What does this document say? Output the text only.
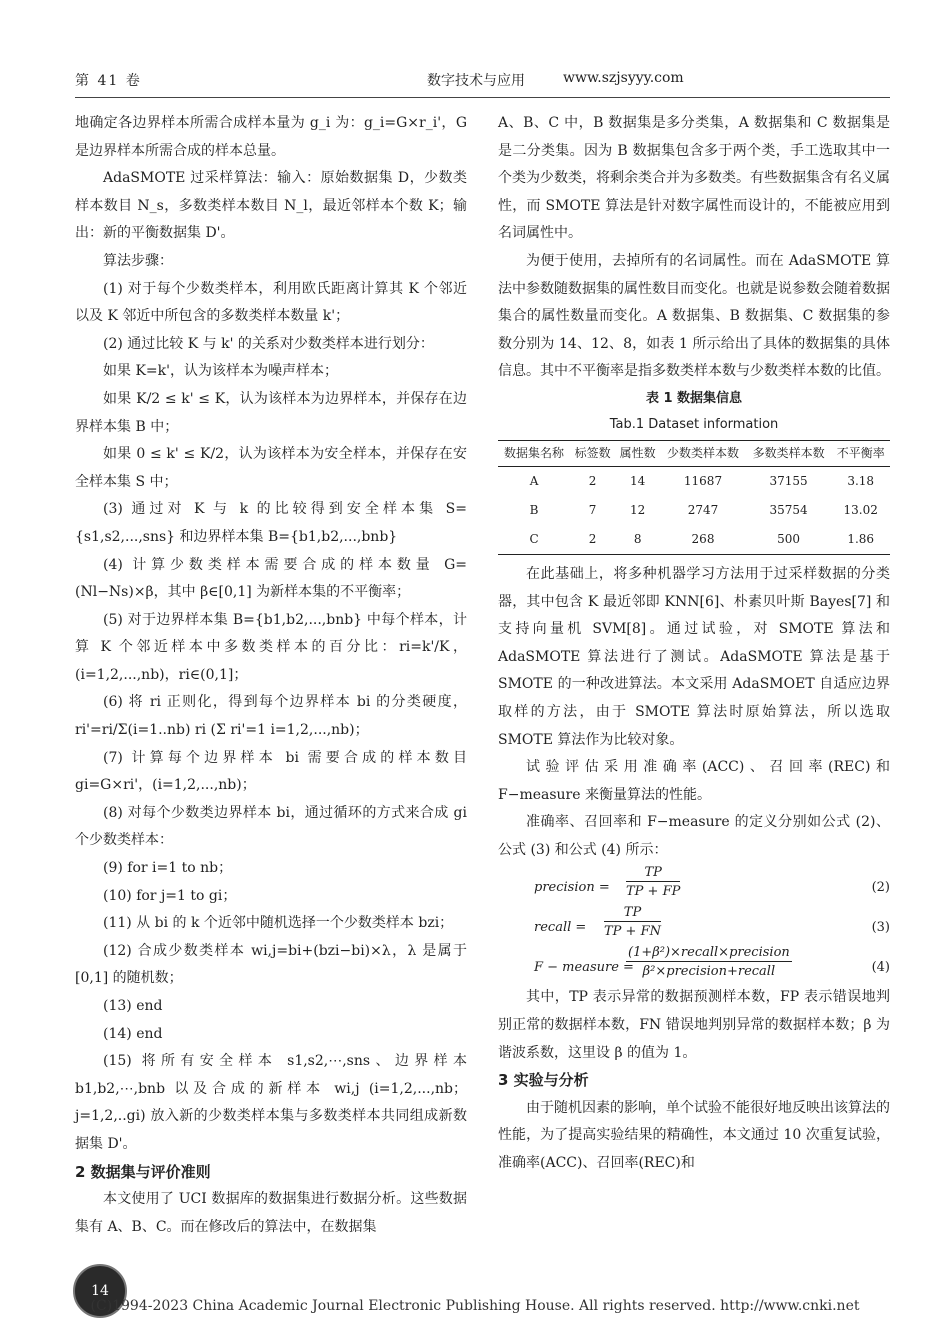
第 41 卷	数字技术与应用	www.szjsyyy.com

地确定各边界样本所需合成样本量为 g_i 为：g_i=G×r_i'，G 是边界样本所需合成的样本总量。

AdaSMOTE 过采样算法：输入：原始数据集 D，少数类样本数目 N_s，多数类样本数目 N_l，最近邻样本个数 K；输出：新的平衡数据集 D'。

算法步骤：

(1) 对于每个少数类样本，利用欧氏距离计算其 K 个邻近以及 K 邻近中所包含的多数类样本数量 k'；

(2) 通过比较 K 与 k' 的关系对少数类样本进行划分：

如果 K=k'，认为该样本为噪声样本；

如果 K/2 ≤ k' ≤ K，认为该样本为边界样本，并保存在边界样本集 B 中；

如果 0 ≤ k' ≤ K/2，认为该样本为安全样本，并保存在安全样本集 S 中；

(3) 通过对 K 与 k 的比较得到安全样本集 S={s1,s2,...,sns} 和边界样本集 B={b1,b2,...,bnb}

(4) 计算少数类样本需要合成的样本数量 G=(Nl−Ns)×β，其中 β∈[0,1] 为新样本集的不平衡率；

(5) 对于边界样本集 B={b1,b2,...,bnb} 中每个样本，计算 K 个邻近样本中多数类样本的百分比：ri=k'/K，(i=1,2,...,nb)，ri∈(0,1]；

(6) 将 ri 正则化，得到每个边界样本 bi 的分类硬度，ri'=ri/Σ(i=1..nb) ri (Σ ri'=1 i=1,2,...,nb)；

(7) 计算每个边界样本 bi 需要合成的样本数目 gi=G×ri'，(i=1,2,...,nb)；

(8) 对每个少数类边界样本 bi，通过循环的方式来合成 gi 个少数类样本：

(9) for i=1 to nb；

(10) for j=1 to gi；

(11) 从 bi 的 k 个近邻中随机选择一个少数类样本 bzi；

(12) 合成少数类样本 wi,j=bi+(bzi−bi)×λ，λ 是属于 [0,1] 的随机数；

(13) end

(14) end

(15) 将所有安全样本 s1,s2,⋯,sns、边界样本 b1,b2,⋯,bnb 以及合成的新样本 wi,j (i=1,2,...,nb；j=1,2,..gi) 放入新的少数类样本集与多数类样本共同组成新数据集 D'。

2 数据集与评价准则

本文使用了 UCI 数据库的数据集进行数据分析。这些数据集有 A、B、C。而在修改后的算法中，在数据集

A、B、C 中，B 数据集是多分类集，A 数据集和 C 数据集是是二分类集。因为 B 数据集包含多于两个类，手工选取其中一个类为少数类，将剩余类合并为多数类。有些数据集含有名义属性，而 SMOTE 算法是针对数字属性而设计的，不能被应用到名词属性中。

为便于使用，去掉所有的名词属性。而在 AdaSMOTE 算法中参数随数据集的属性数目而变化。也就是说参数会随着数据集合的属性数量而变化。A 数据集、B 数据集、C 数据集的参数分别为 14、12、8，如表 1 所示给出了具体的数据集的具体信息。其中不平衡率是指多数类样本数与少数类样本数的比值。

表 1 数据集信息
Tab.1 Dataset information
数据集名称	标签数	属性数	少数类样本数	多数类样本数	不平衡率
A	2	14	11687	37155	3.18
B	7	12	2747	35754	13.02
C	2	8	268	500	1.86

在此基础上，将多种机器学习方法用于过采样数据的分类器，其中包含 K 最近邻即 KNN[6]、朴素贝叶斯 Bayes[7] 和支持向量机 SVM[8]。通过试验，对 SMOTE 算法和 AdaSMOTE 算法进行了测试。AdaSMOTE 算法是基于 SMOTE 的一种改进算法。本文采用 AdaSMOET 自适应边界取样的方法，由于 SMOTE 算法时原始算法，所以选取 SMOTE 算法作为比较对象。

试验评估采用准确率(ACC)、召回率(REC)和 F−measure 来衡量算法的性能。

准确率、召回率和 F−measure 的定义分别如公式 (2)、公式 (3) 和公式 (4) 所示：

precision = $\frac{TP}{TP + FP}$	(2)
recall = $\frac{TP}{TP + FN}$	(3)
F − measure =
(1+β²)×recall×precision
β²×precision+recall	(4)

其中，TP 表示异常的数据预测样本数，FP 表示错误地判别正常的数据样本数，FN 错误地判别异常的数据样本数；β 为谐波系数，这里设 β 的值为 1。

3 实验与分析

由于随机因素的影响，单个试验不能很好地反映出该算法的性能，为了提高实验结果的精确性，本文通过 10 次重复试验，准确率(ACC)、召回率(REC)和

14
(C)1994-2023 China Academic Journal Electronic Publishing House. All rights reserved. http://www.cnki.net
